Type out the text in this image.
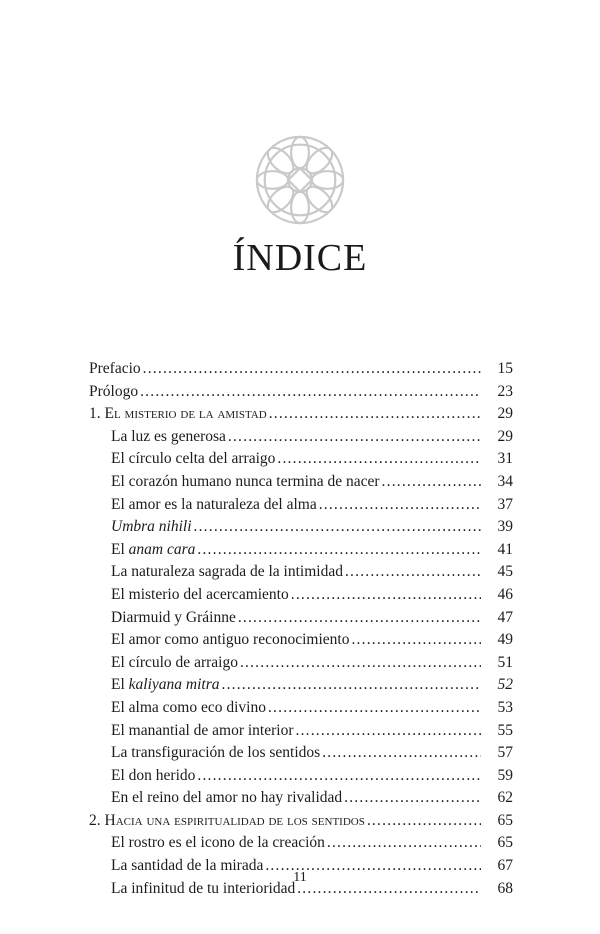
ÍNDICE
Prefacio .....	15
Prólogo .....	23
1. El misterio de la amistad .....	29
La luz es generosa .....	29
El círculo celta del arraigo .....	31
El corazón humano nunca termina de nacer .....	34
El amor es la naturaleza del alma .....	37
Umbra nihili .....	39
El anam cara .....	41
La naturaleza sagrada de la intimidad .....	45
El misterio del acercamiento .....	46
Diarmuid y Gráinne .....	47
El amor como antiguo reconocimiento .....	49
El círculo de arraigo .....	51
El kaliyana mitra .....	52
El alma como eco divino .....	53
El manantial de amor interior .....	55
La transfiguración de los sentidos .....	57
El don herido .....	59
En el reino del amor no hay rivalidad .....	62
2. Hacia una espiritualidad de los sentidos .....	65
El rostro es el icono de la creación .....	65
La santidad de la mirada .....	67
La infinitud de tu interioridad .....	68
11
